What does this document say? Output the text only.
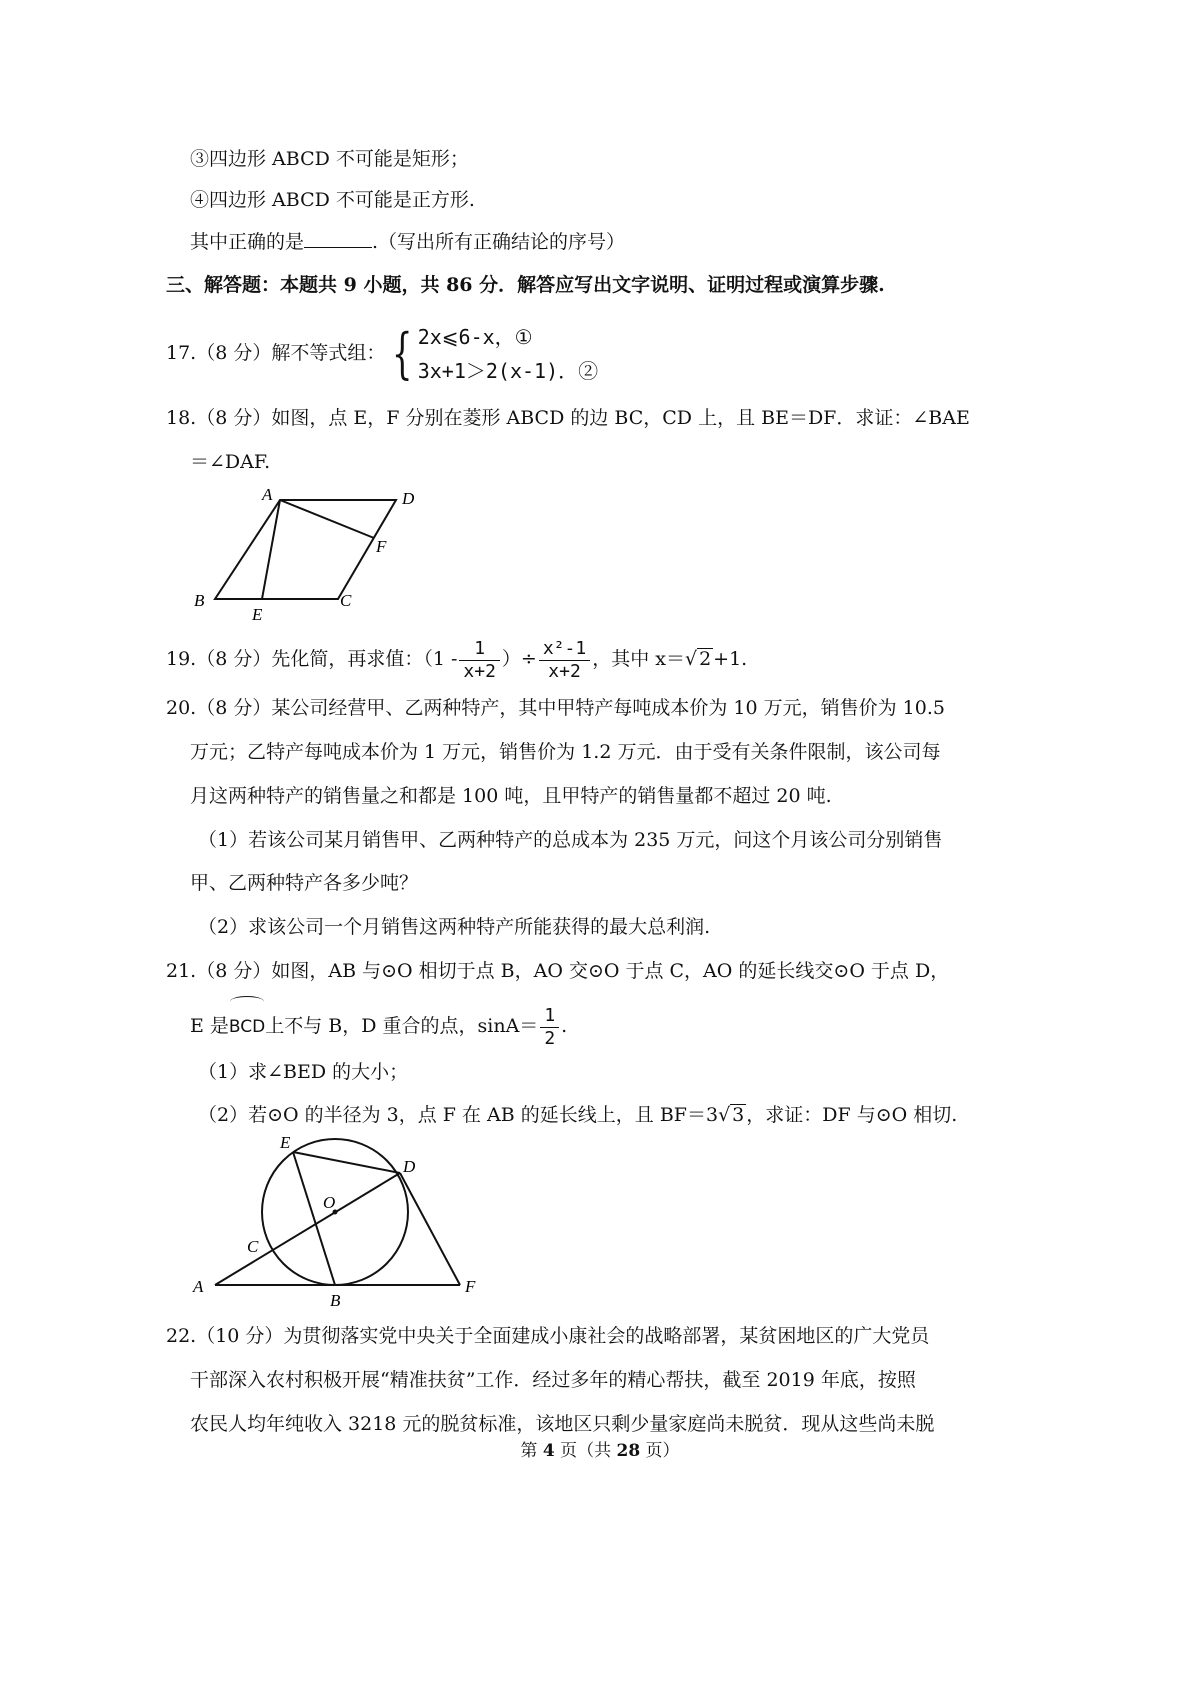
③四边形 ABCD 不可能是矩形；
④四边形 ABCD 不可能是正方形.
其中正确的是	.（写出所有正确结论的序号）
三、解答题：本题共 9 小题，共 86 分．解答应写出文字说明、证明过程或演算步骤.
17.（8 分）解不等式组： { 2x⩽6-x，①
3x+1＞2(x-1)．②
18.（8 分）如图，点 E，F 分别在菱形 ABCD 的边 BC，CD 上，且 BE＝DF．求证：∠BAE
＝∠DAF.
A	D
F
B
E
C
19.（8 分）先化简，再求值：（$1 - \frac{1}{x+2}$ ）÷ $\frac{\text{x²-1}}{x+2}$ ，其中 x＝√ 2 +1.
20.（8 分）某公司经营甲、乙两种特产，其中甲特产每吨成本价为 10 万元，销售价为 10.5
万元；乙特产每吨成本价为 1 万元，销售价为 1.2 万元．由于受有关条件限制，该公司每
月这两种特产的销售量之和都是 100 吨，且甲特产的销售量都不超过 20 吨.
（1）若该公司某月销售甲、乙两种特产的总成本为 235 万元，问这个月该公司分别销售
甲、乙两种特产各多少吨？
（2）求该公司一个月销售这两种特产所能获得的最大总利润.
21.（8 分）如图，AB 与⊙O 相切于点 B，AO 交⊙O 于点 C，AO 的延长线交⊙O 于点 D，
E 是BCD上不与 B，D 重合的点，$\sin A= \frac{1}{2}$ .
（1）求∠BED 的大小；
（2）若⊙O 的半径为 3，点 F 在 AB 的延长线上，且 BF＝3√ 3 ，求证：DF 与⊙O 相切.
E
D
O
C
A
B
F
22.（10 分）为贯彻落实党中央关于全面建成小康社会的战略部署，某贫困地区的广大党员
干部深入农村积极开展“精准扶贫”工作．经过多年的精心帮扶，截至 2019 年底，按照
农民人均年纯收入 3218 元的脱贫标准，该地区只剩少量家庭尚未脱贫．现从这些尚未脱
第 4 页（共 28 页）
